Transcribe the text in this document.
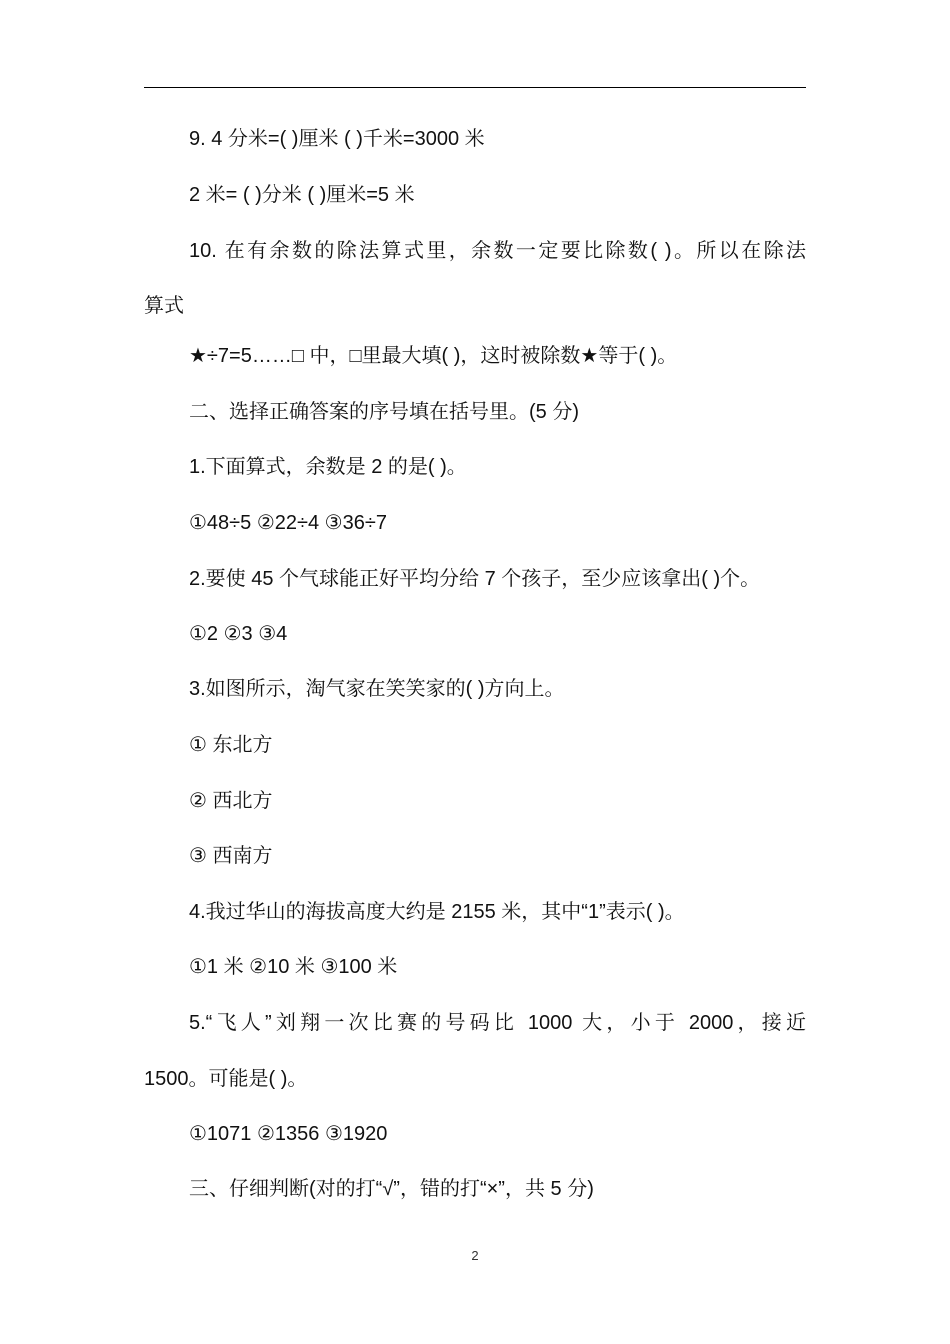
9. 4 分米=( )厘米 ( )千米=3000 米
2 米= ( )分米 ( )厘米=5 米
10. 在有余数的除法算式里，余数一定要比除数( )。所以在除法
算式
★÷7=5……□ 中，□里最大填( )，这时被除数★等于( )。
二、选择正确答案的序号填在括号里。(5 分)
1.下面算式，余数是 2 的是( )。
①48÷5 ②22÷4 ③36÷7
2.要使 45 个气球能正好平均分给 7 个孩子，至少应该拿出( )个。
①2 ②3 ③4
3.如图所示，淘气家在笑笑家的( )方向上。
① 东北方
② 西北方
③ 西南方
4.我过华山的海拔高度大约是 2155 米，其中“1”表示( )。
①1 米 ②10 米 ③100 米
5.“飞人”刘翔一次比赛的号码比 1000 大，小于 2000，接近
1500。可能是( )。
①1071 ②1356 ③1920
三、仔细判断(对的打“√”，错的打“×”，共 5 分)
2
